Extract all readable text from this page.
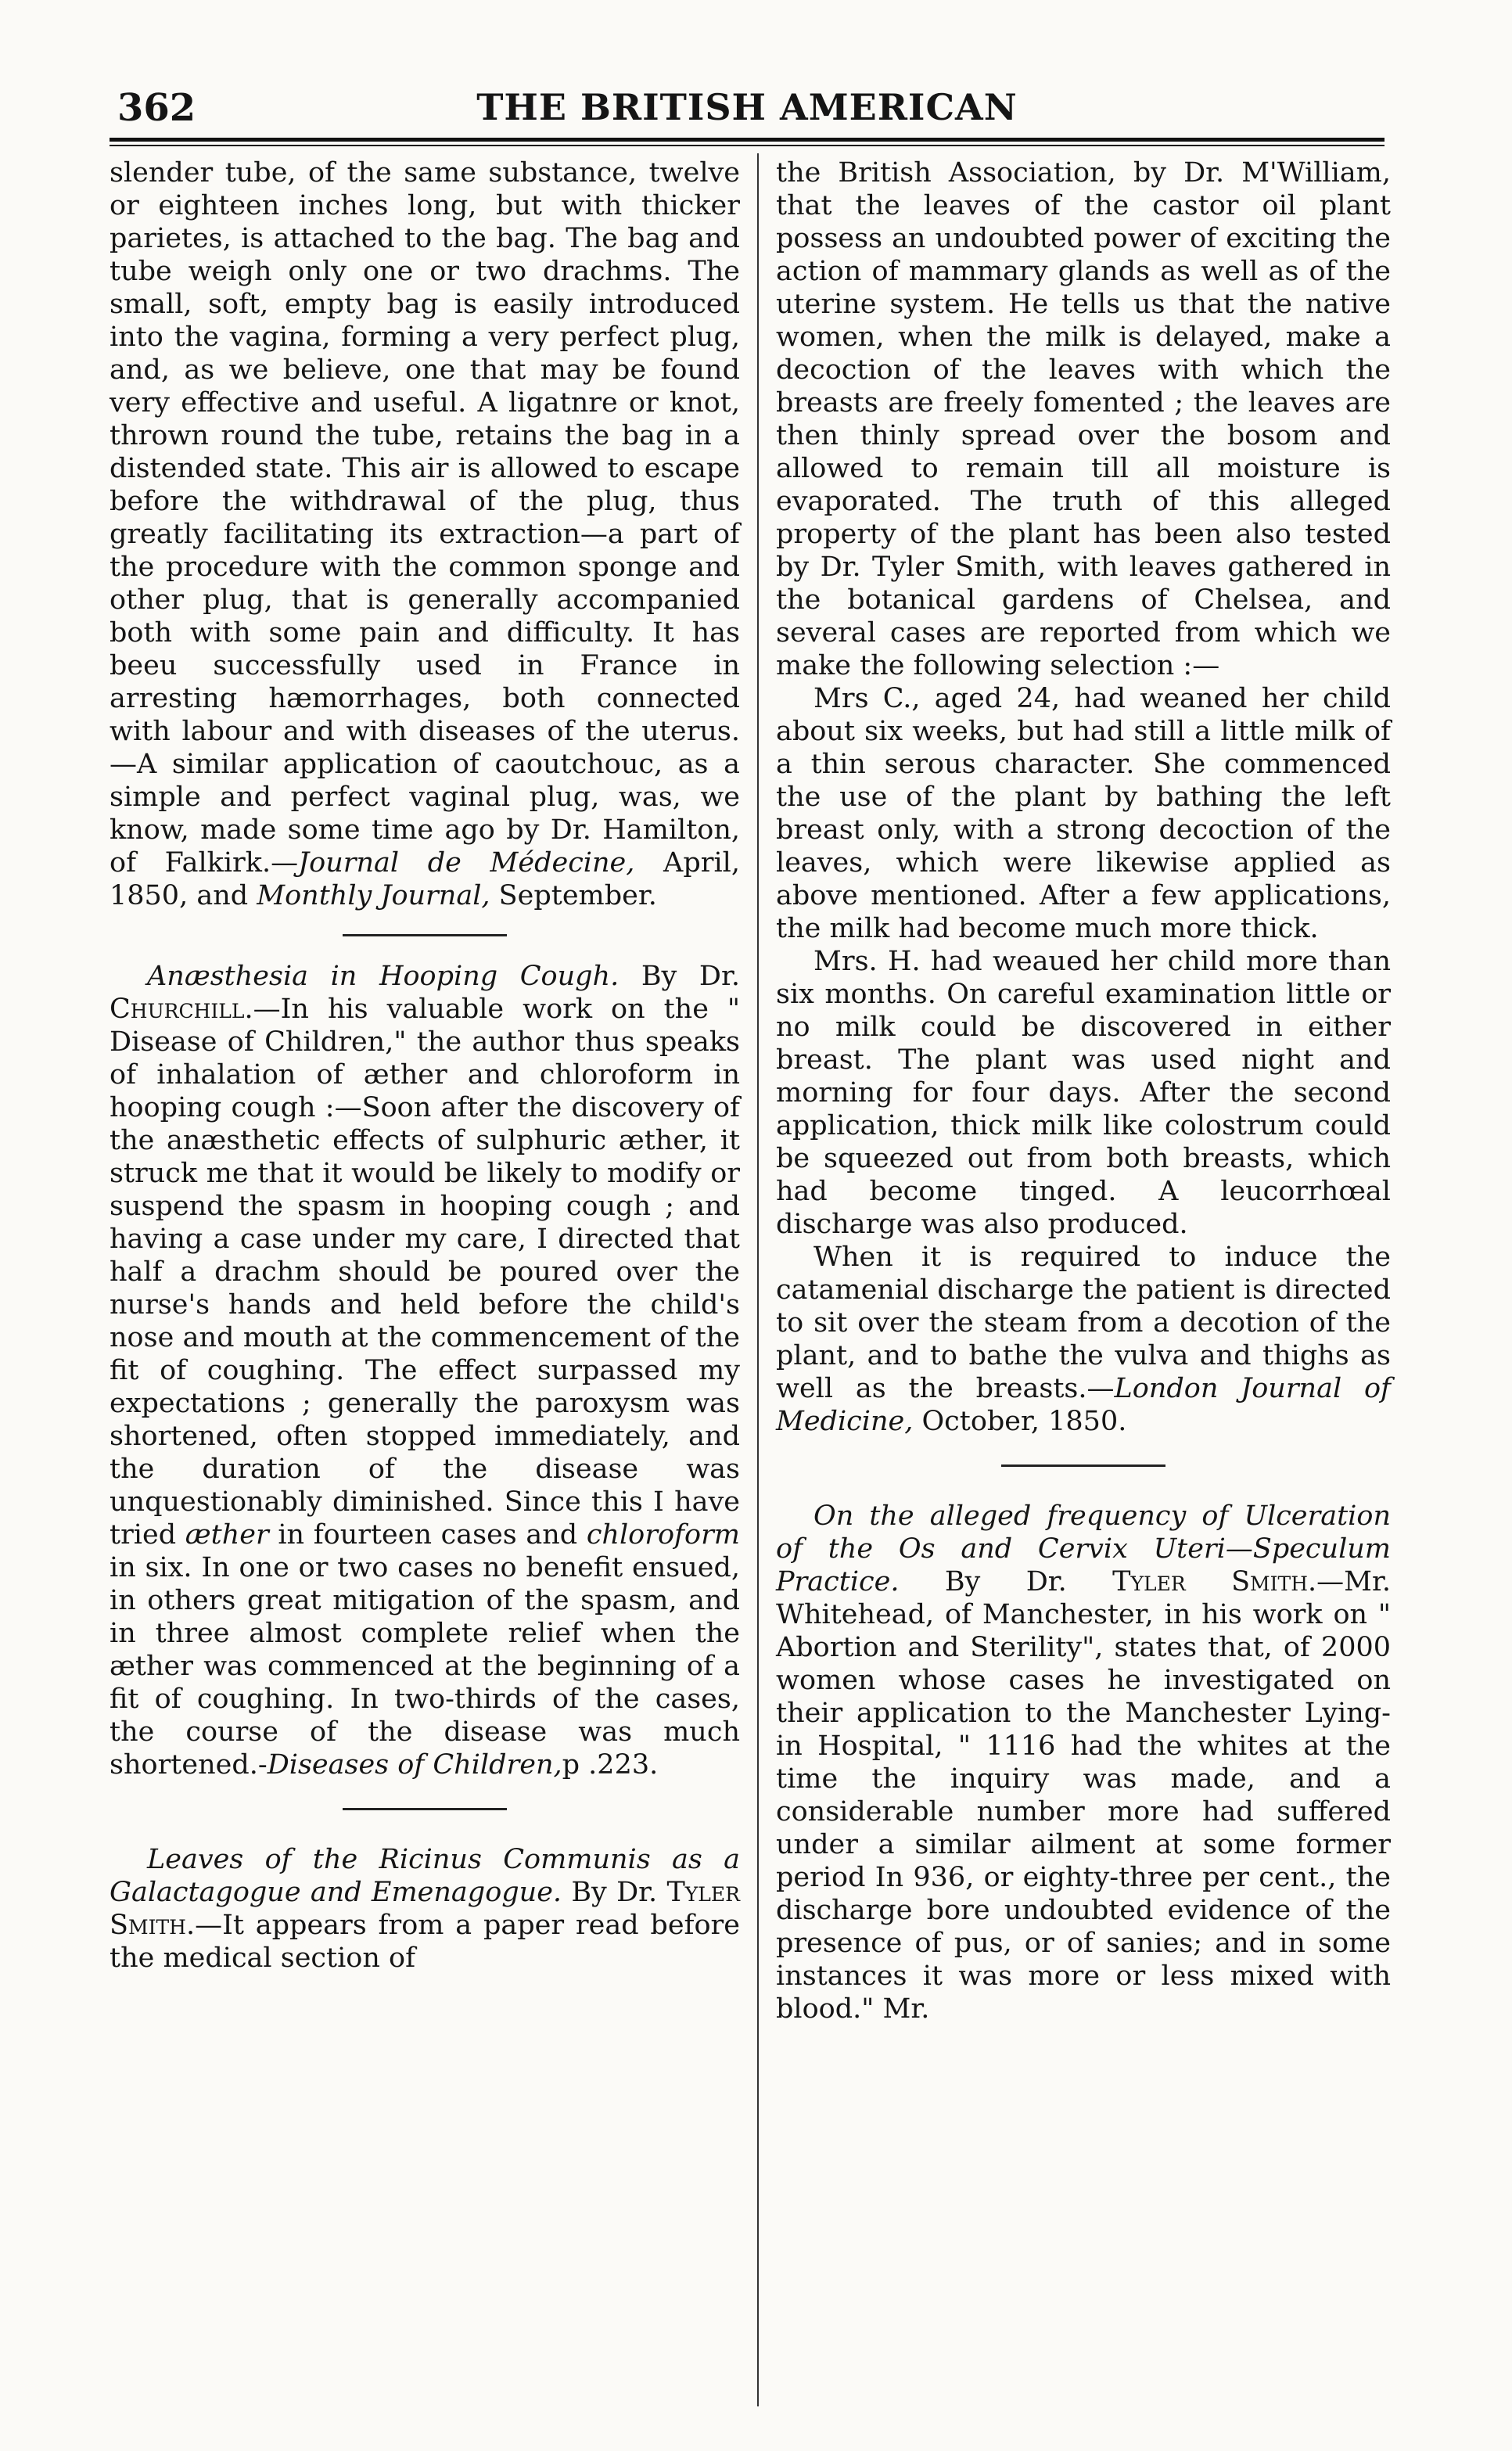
362	THE BRITISH AMERICAN

slender tube, of the same substance, twelve or eighteen inches long, but with thicker parietes, is attached to the bag. The bag and tube weigh only one or two drachms. The small, soft, empty bag is easily introduced into the vagina, forming a very perfect plug, and, as we believe, one that may be found very effective and useful. A ligatnre or knot, thrown round the tube, retains the bag in a distended state. This air is allowed to escape before the withdrawal of the plug, thus greatly facilitating its extraction—a part of the procedure with the common sponge and other plug, that is generally accompanied both with some pain and difficulty. It has beeu successfully used in France in arresting hæmorrhages, both connected with labour and with diseases of the uterus.—A similar application of caoutchouc, as a simple and perfect vaginal plug, was, we know, made some time ago by Dr. Hamilton, of Falkirk.—Journal de Médecine, April, 1850, and Monthly Journal, September.

Anæsthesia in Hooping Cough. By Dr. Churchill.—In his valuable work on the " Disease of Children," the author thus speaks of inhalation of æther and chloroform in hooping cough :—Soon after the discovery of the anæsthetic effects of sulphuric æther, it struck me that it would be likely to modify or suspend the spasm in hooping cough ; and having a case under my care, I directed that half a drachm should be poured over the nurse's hands and held before the child's nose and mouth at the commencement of the fit of coughing. The effect surpassed my expectations ; generally the paroxysm was shortened, often stopped immediately, and the duration of the disease was unquestionably diminished. Since this I have tried æther in fourteen cases and chloroform in six. In one or two cases no benefit ensued, in others great mitigation of the spasm, and in three almost complete relief when the æther was commenced at the beginning of a fit of coughing. In two-thirds of the cases, the course of the disease was much shortened.-Diseases of Children,p .223.

Leaves of the Ricinus Communis as a Galactagogue and Emenagogue. By Dr. Tyler Smith.—It appears from a paper read before the medical section of

the British Association, by Dr. M'William, that the leaves of the castor oil plant possess an undoubted power of exciting the action of mammary glands as well as of the uterine system. He tells us that the native women, when the milk is delayed, make a decoction of the leaves with which the breasts are freely fomented ; the leaves are then thinly spread over the bosom and allowed to remain till all moisture is evaporated. The truth of this alleged property of the plant has been also tested by Dr. Tyler Smith, with leaves gathered in the botanical gardens of Chelsea, and several cases are reported from which we make the following selection :—

Mrs C., aged 24, had weaned her child about six weeks, but had still a little milk of a thin serous character. She commenced the use of the plant by bathing the left breast only, with a strong decoction of the leaves, which were likewise applied as above mentioned. After a few applications, the milk had become much more thick.

Mrs. H. had weaued her child more than six months. On careful examination little or no milk could be discovered in either breast. The plant was used night and morning for four days. After the second application, thick milk like colostrum could be squeezed out from both breasts, which had become tinged. A leucorrhœal discharge was also produced.

When it is required to induce the catamenial discharge the patient is directed to sit over the steam from a decotion of the plant, and to bathe the vulva and thighs as well as the breasts.—London Journal of Medicine, October, 1850.

On the alleged frequency of Ulceration of the Os and Cervix Uteri—Speculum Practice. By Dr. Tyler Smith.—Mr. Whitehead, of Manchester, in his work on " Abortion and Sterility", states that, of 2000 women whose cases he investigated on their application to the Manchester Lying-in Hospital, " 1116 had the whites at the time the inquiry was made, and a considerable number more had suffered under a similar ailment at some former period In 936, or eighty-three per cent., the discharge bore undoubted evidence of the presence of pus, or of sanies; and in some instances it was more or less mixed with blood." Mr.
